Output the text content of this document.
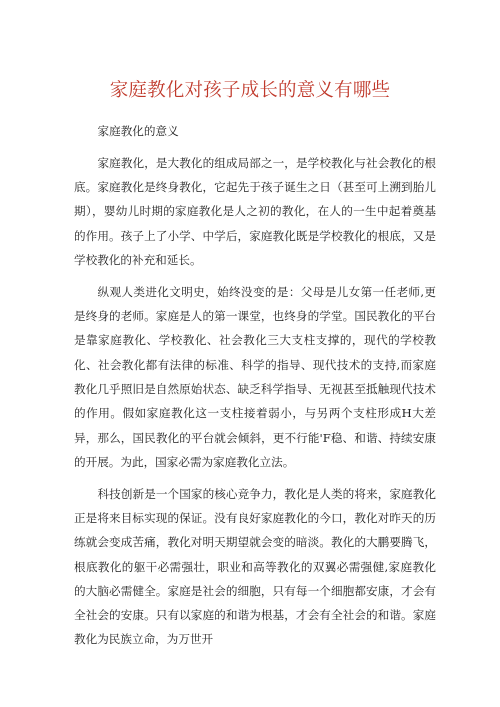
家庭教化对孩子成长的意义有哪些

家庭教化的意义

家庭教化，是大教化的组成局部之一，是学校教化与社会教化的根底。家庭教化是终身教化，它起先于孩子诞生之日（甚至可上溯到胎儿期），婴幼儿时期的家庭教化是人之初的教化，在人的一生中起着奠基的作用。孩子上了小学、中学后，家庭教化既是学校教化的根底，又是学校教化的补充和延长。

纵观人类进化文明史，始终没变的是：父母是儿女第一任老师,更是终身的老师。家庭是人的第一课堂，也终身的学堂。国民教化的平台是靠家庭教化、学校教化、社会教化三大支柱支撑的，现代的学校教化、社会教化都有法律的标准、科学的指导、现代技术的支持,而家庭教化几乎照旧是自然原始状态、缺乏科学指导、无视甚至抵触现代技术的作用。假如家庭教化这一支柱接着弱小，与另两个支柱形成H大差异，那么，国民教化的平台就会倾斜，更不行能'F稳、和谐、持续安康的开展。为此，国家必需为家庭教化立法。

科技创新是一个国家的核心竞争力，教化是人类的将来，家庭教化正是将来目标实现的保证。没有良好家庭教化的今口，教化对昨天的历练就会变成苦痛，教化对明天期望就会变的暗淡。教化的大鹏要腾飞，根底教化的躯干必需强壮，职业和高等教化的双翼必需强健,家庭教化的大脑必需健全。家庭是社会的细胞，只有每一个细胞都安康，才会有全社会的安康。只有以家庭的和谐为根基，才会有全社会的和谐。家庭教化为民族立命，为万世开
